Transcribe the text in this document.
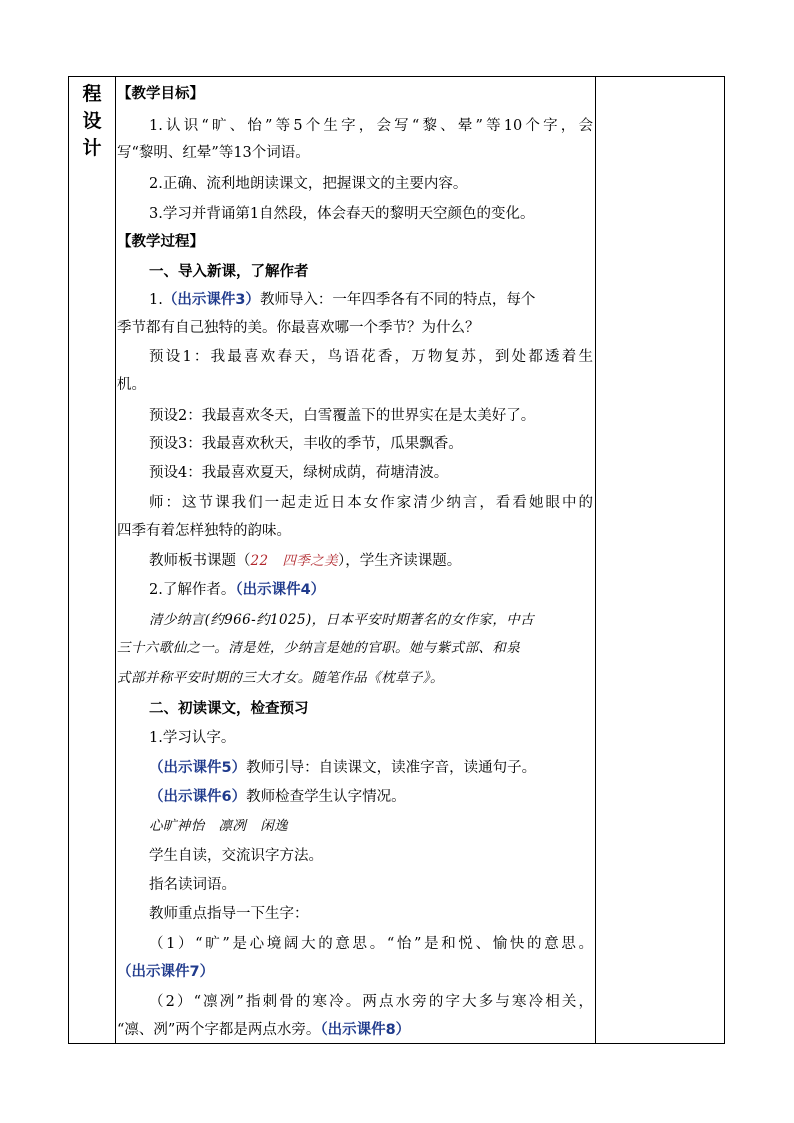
程
设
计
【教学目标】
1.认识“旷、怡”等5个生字，会写“黎、晕”等10个字，会
写“黎明、红晕”等13个词语。
2.正确、流利地朗读课文，把握课文的主要内容。
3.学习并背诵第1自然段，体会春天的黎明天空颜色的变化。
【教学过程】
一、导入新课，了解作者
1.（出示课件3）教师导入：一年四季各有不同的特点，每个
季节都有自己独特的美。你最喜欢哪一个季节？为什么？
预设1：我最喜欢春天，鸟语花香，万物复苏，到处都透着生
机。
预设2：我最喜欢冬天，白雪覆盖下的世界实在是太美好了。
预设3：我最喜欢秋天，丰收的季节，瓜果飘香。
预设4：我最喜欢夏天，绿树成荫，荷塘清波。
师：这节课我们一起走近日本女作家清少纳言，看看她眼中的
四季有着怎样独特的韵味。
教师板书课题（22　四季之美），学生齐读课题。
2.了解作者。（出示课件4）
清少纳言(约966-约1025)，日本平安时期著名的女作家，中古
三十六歌仙之一。清是姓，少纳言是她的官职。她与紫式部、和泉
式部并称平安时期的三大才女。随笔作品《枕草子》。
二、初读课文，检查预习
1.学习认字。
（出示课件5）教师引导：自读课文，读准字音，读通句子。
（出示课件6）教师检查学生认字情况。
心旷神怡　凛冽　闲逸
学生自读，交流识字方法。
指名读词语。
教师重点指导一下生字：
（1）“旷”是心境阔大的意思。“怡”是和悦、愉快的意思。
（出示课件7）
（2）“凛冽”指刺骨的寒冷。两点水旁的字大多与寒冷相关，
“凛、冽”两个字都是两点水旁。（出示课件8）
